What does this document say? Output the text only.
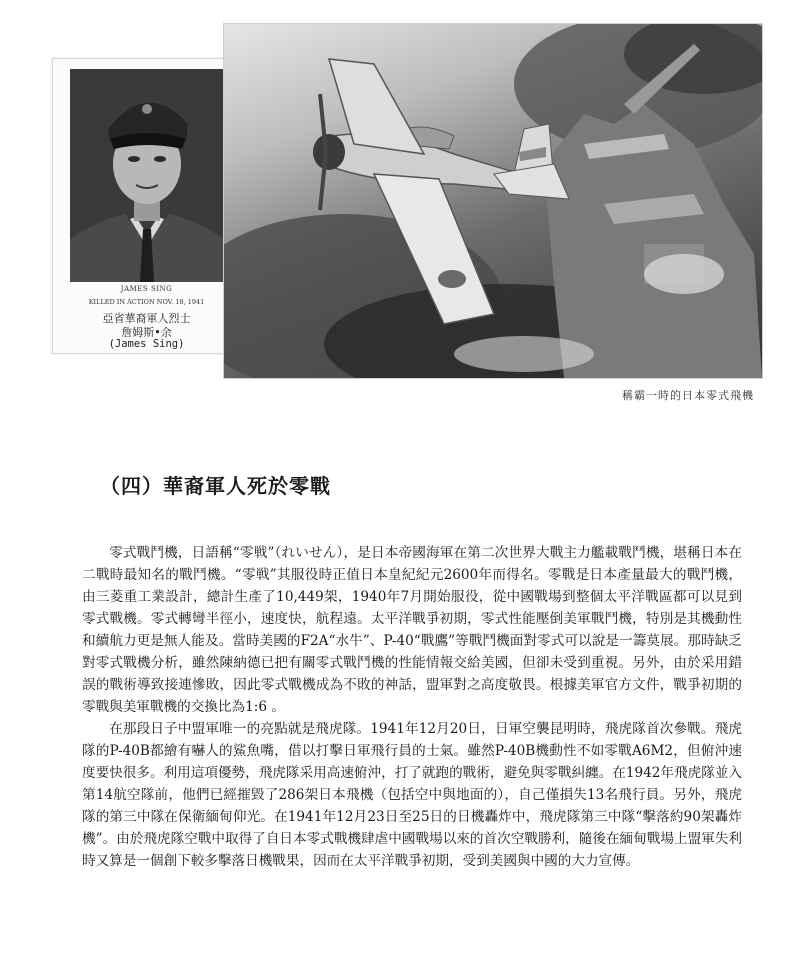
JAMES SING
KILLED IN ACTION NOV. 18, 1941
亞省華裔軍人烈士
詹姆斯•余
(James Sing)
稱霸一時的日本零式飛機
（四）華裔軍人死於零戰

零式戰鬥機，日語稱“零戦”（れいせん），是日本帝國海軍在第二次世界大戰主力艦載戰鬥機，堪稱日本在二戰時最知名的戰鬥機。“零戦”其服役時正值日本皇紀紀元2600年而得名。零戰是日本產量最大的戰鬥機，由三菱重工業設計，總計生產了10,449架，1940年7月開始服役，從中國戰場到整個太平洋戰區都可以見到零式戰機。零式轉彎半徑小，速度快，航程遠。太平洋戰爭初期，零式性能壓倒美軍戰鬥機，特別是其機動性和續航力更是無人能及。當時美國的F2A“水牛”、P-40“戰鷹”等戰鬥機面對零式可以說是一籌莫展。那時缺乏對零式戰機分析，雖然陳納德已把有關零式戰鬥機的性能情報交給美國，但卻未受到重視。另外，由於采用錯誤的戰術導致接連慘敗，因此零式戰機成為不敗的神話，盟軍對之高度敬畏。根據美軍官方文件，戰爭初期的零戰與美軍戰機的交換比為1:6 。

在那段日子中盟軍唯一的亮點就是飛虎隊。1941年12月20日，日軍空襲昆明時，飛虎隊首次參戰。飛虎隊的P-40B都繪有嚇人的鯊魚嘴，借以打擊日軍飛行員的士氣。雖然P-40B機動性不如零戰A6M2，但俯沖速度要快很多。利用這項優勢，飛虎隊采用高速俯沖，打了就跑的戰術，避免與零戰糾纏。在1942年飛虎隊並入第14航空隊前，他們已經摧毀了286架日本飛機（包括空中與地面的），自己僅損失13名飛行員。另外，飛虎隊的第三中隊在保衛緬甸仰光。在1941年12月23日至25日的日機轟炸中，飛虎隊第三中隊“擊落約90架轟炸機”。由於飛虎隊空戰中取得了自日本零式戰機肆虐中國戰場以來的首次空戰勝利，隨後在緬甸戰場上盟軍失利時又算是一個創下較多擊落日機戰果，因而在太平洋戰爭初期，受到美國與中國的大力宣傳。
